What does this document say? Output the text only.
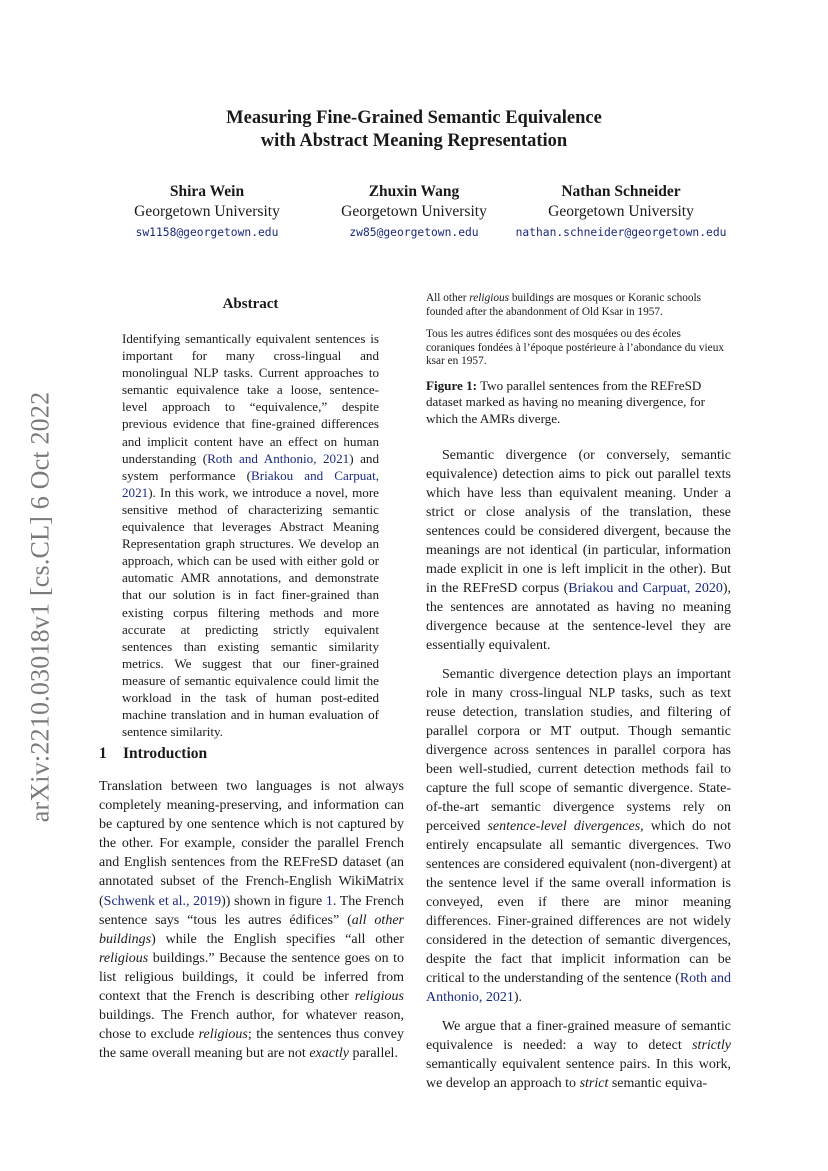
arXiv:2210.03018v1 [cs.CL] 6 Oct 2022
Measuring Fine-Grained Semantic Equivalence
with Abstract Meaning Representation
Shira Wein
Georgetown University
sw1158@georgetown.edu
Zhuxin Wang
Georgetown University
zw85@georgetown.edu
Nathan Schneider
Georgetown University
nathan.schneider@georgetown.edu
Abstract
Identifying semantically equivalent sentences is important for many cross-lingual and monolingual NLP tasks. Current approaches to semantic equivalence take a loose, sentence-level approach to “equivalence,” despite previous evidence that fine-grained differences and implicit content have an effect on human understanding (Roth and Anthonio, 2021) and system performance (Briakou and Carpuat, 2021). In this work, we introduce a novel, more sensitive method of characterizing semantic equivalence that leverages Abstract Meaning Representation graph structures. We develop an approach, which can be used with either gold or automatic AMR annotations, and demonstrate that our solution is in fact finer-grained than existing corpus filtering methods and more accurate at predicting strictly equivalent sentences than existing semantic similarity metrics. We suggest that our finer-grained measure of semantic equivalence could limit the workload in the task of human post-edited machine translation and in human evaluation of sentence similarity.
1 Introduction
Translation between two languages is not always completely meaning-preserving, and information can be captured by one sentence which is not captured by the other. For example, consider the parallel French and English sentences from the REFreSD dataset (an annotated subset of the French-English WikiMatrix (Schwenk et al., 2019)) shown in figure 1. The French sentence says “tous les autres édifices” (all other buildings) while the English specifies “all other religious buildings.” Because the sentence goes on to list religious buildings, it could be inferred from context that the French is describing other religious buildings. The French author, for whatever reason, chose to exclude religious; the sentences thus convey the same overall meaning but are not exactly parallel.

All other religious buildings are mosques or Koranic schools founded after the abandonment of Old Ksar in 1957.

Tous les autres édifices sont des mosquées ou des écoles coraniques fondées à l’époque postérieure à l’abondance du vieux ksar en 1957.

Figure 1: Two parallel sentences from the REFreSD dataset marked as having no meaning divergence, for which the AMRs diverge.

Semantic divergence (or conversely, semantic equivalence) detection aims to pick out parallel texts which have less than equivalent meaning. Under a strict or close analysis of the translation, these sentences could be considered divergent, because the meanings are not identical (in particular, information made explicit in one is left implicit in the other). But in the REFreSD corpus (Briakou and Carpuat, 2020), the sentences are annotated as having no meaning divergence because at the sentence-level they are essentially equivalent.

Semantic divergence detection plays an important role in many cross-lingual NLP tasks, such as text reuse detection, translation studies, and filtering of parallel corpora or MT output. Though semantic divergence across sentences in parallel corpora has been well-studied, current detection methods fail to capture the full scope of semantic divergence. State-of-the-art semantic divergence systems rely on perceived sentence-level divergences, which do not entirely encapsulate all semantic divergences. Two sentences are considered equivalent (non-divergent) at the sentence level if the same overall information is conveyed, even if there are minor meaning differences. Finer-grained differences are not widely considered in the detection of semantic divergences, despite the fact that implicit information can be critical to the understanding of the sentence (Roth and Anthonio, 2021).

We argue that a finer-grained measure of semantic equivalence is needed: a way to detect strictly semantically equivalent sentence pairs. In this work, we develop an approach to strict semantic equiva-
